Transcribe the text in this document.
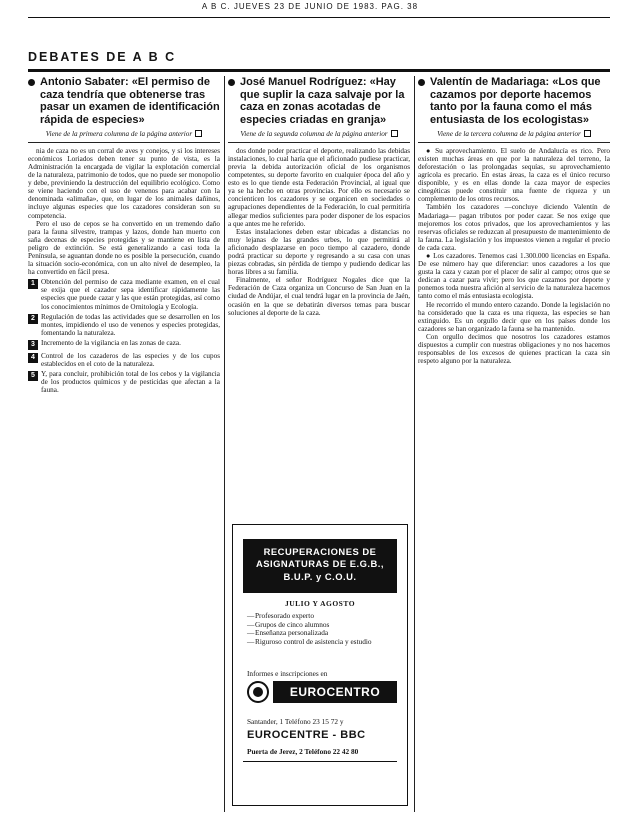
A B C. JUEVES 23 DE JUNIO DE 1983. PAG. 38
DEBATES DE A B C
Antonio Sabater: «El permiso de caza tendría que obtenerse tras pasar un examen de identificación rápida de especies»
Viene de la primera columna de la página anterior

nia de caza no es un corral de aves y conejos, y si los intereses económicos Loriados deben tener su punto de vista, es la Administración la encargada de vigilar la explotación comercial de la naturaleza, patrimonio de todos, que no puede ser monopolio y debe, previniendo la destrucción del equilibrio ecológico. Como se viene haciendo con el uso de venenos para acabar con la denominada «alimaña», que, en lugar de los animales dañinos, incluye algunas especies que los cazadores consideran son su competencia.

Pero el uso de cepos se ha convertido en un tremendo daño para la fauna silvestre, trampas y lazos, donde han muerto con saña decenas de especies protegidas y se mantiene en lista de peligro de extinción. Se está generalizando a casi toda la Península, se aguantan donde no es posible la persecución, cuando la situación socio-económica, con un alto nivel de desempleo, la ha convertido en fácil presa.

1 Obtención del permiso de caza mediante examen, en el cual se exija que el cazador sepa identificar rápidamente las especies que puede cazar y las que están protegidas, así como los conocimientos mínimos de Ornitología y Ecología.
2 Regulación de todas las actividades que se desarrollen en los montes, impidiendo el uso de venenos y especies protegidas, fomentando la naturaleza.
3 Incremento de la vigilancia en las zonas de caza.
4 Control de los cazaderos de las especies y de los cupos establecidos en el coto de la naturaleza.
5 Y, para concluir, prohibición total de los cebos y la vigilancia de los productos químicos y de pesticidas que afectan a la fauna.
José Manuel Rodríguez: «Hay que suplir la caza salvaje por la caza en zonas acotadas de especies criadas en granja»
Viene de la segunda columna de la página anterior

dos donde poder practicar el deporte, realizando las debidas instalaciones, lo cual haría que el aficionado pudiese practicar, previa la debida autorización oficial de los organismos competentes, su deporte favorito en cualquier época del año y esto es lo que tiende esta Federación Provincial, al igual que ya se ha hecho en otras provincias. Por ello es necesario se concienticen los cazadores y se organicen en sociedades o agrupaciones dependientes de la Federación, lo cual permitiría allegar medios suficientes para poder disponer de los espacios a que antes me he referido.

Estas instalaciones deben estar ubicadas a distancias no muy lejanas de las grandes urbes, lo que permitirá al aficionado desplazarse en poco tiempo al cazadero, donde podrá practicar su deporte y regresando a su casa con unas piezas cobradas, sin pérdida de tiempo y pudiendo dedicar las horas libres a su familia.

Finalmente, el señor Rodríguez Nogales dice que la Federación de Caza organiza un Concurso de San Juan en la ciudad de Andújar, el cual tendrá lugar en la provincia de Jaén, ocasión en la que se debatirán diversos temas para buscar soluciones al deporte de la caza.

RECUPERACIONES DE ASIGNATURAS DE E.G.B., B.U.P. y C.O.U.
JULIO Y AGOSTO
— Profesorado experto
— Grupos de cinco alumnos
— Enseñanza personalizada
— Riguroso control de asistencia y estudio
Informes e inscripciones en
EUROCENTRO
Santander, 1 Teléfono 23 15 72 y
EUROCENTRE - BBC
Puerta de Jerez, 2 Teléfono 22 42 80
Valentín de Madariaga: «Los que cazamos por deporte hacemos tanto por la fauna como el más entusiasta de los ecologistas»
Viene de la tercera columna de la página anterior

● Su aprovechamiento. El suelo de Andalucía es rico. Pero existen muchas áreas en que por la naturaleza del terreno, la deforestación o las prolongadas sequías, su aprovechamiento agrícola es precario. En estas áreas, la caza es el único recurso disponible, y es en ellas donde la caza mayor de especies cinegéticas puede constituir una fuente de riqueza y un complemento de los otros recursos.

También los cazadores —concluye diciendo Valentín de Madariaga— pagan tributos por poder cazar. Se nos exige que mejoremos los cotos privados, que los aprovechamientos y las reservas oficiales se reduzcan al presupuesto de mantenimiento de la fauna. La legislación y los impuestos vienen a regular el precio de cada caza.

● Los cazadores. Tenemos casi 1.300.000 licencias en España. De ese número hay que diferenciar: unos cazadores a los que gusta la caza y cazan por el placer de salir al campo; otros que se dedican a cazar para vivir; pero los que cazamos por deporte y ponemos toda nuestra afición al servicio de la naturaleza hacemos tanto como el más entusiasta ecologista.

He recorrido el mundo entero cazando. Donde la legislación no ha considerado que la caza es una riqueza, las especies se han extinguido. Es un orgullo decir que en los países donde los cazadores se han organizado la fauna se ha mantenido.

Con orgullo decimos que nosotros los cazadores estamos dispuestos a cumplir con nuestras obligaciones y no nos hacemos responsables de los excesos de quienes practican la caza sin respeto alguno por la naturaleza.
